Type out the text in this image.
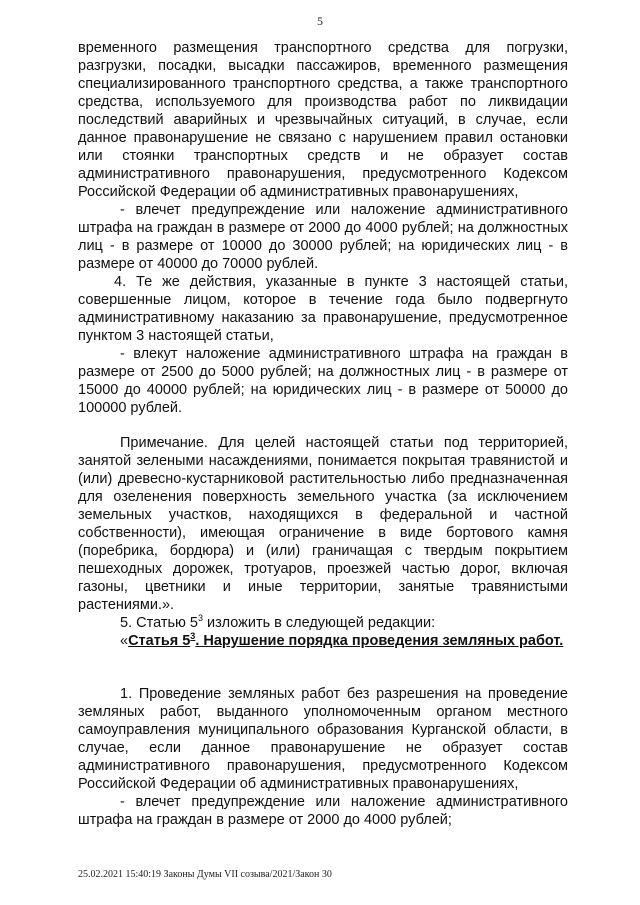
5

временного размещения транспортного средства для погрузки, разгрузки, посадки, высадки пассажиров, временного размещения специализированного транспортного средства, а также транспортного средства, используемого для производства работ по ликвидации последствий аварийных и чрезвычайных ситуаций, в случае, если данное правонарушение не связано с нарушением правил остановки или стоянки транспортных средств и не образует состав административного правонарушения, предусмотренного Кодексом Российской Федерации об административных правонарушениях,

- влечет предупреждение или наложение административного штрафа на граждан в размере от 2000 до 4000 рублей; на должностных лиц - в размере от 10000 до 30000 рублей; на юридических лиц - в размере от 40000 до 70000 рублей.

4. Те же действия, указанные в пункте 3 настоящей статьи, совершенные лицом, которое в течение года было подвергнуто административному наказанию за правонарушение, предусмотренное пунктом 3 настоящей статьи,

- влекут наложение административного штрафа на граждан в размере от 2500 до 5000 рублей; на должностных лиц - в размере от 15000 до 40000 рублей; на юридических лиц - в размере от 50000 до 100000 рублей.

Примечание. Для целей настоящей статьи под территорией, занятой зелеными насаждениями, понимается покрытая травянистой и (или) древесно-кустарниковой растительностью либо предназначенная для озеленения поверхность земельного участка (за исключением земельных участков, находящихся в федеральной и частной собственности), имеющая ограничение в виде бортового камня (поребрика, бордюра) и (или) граничащая с твердым покрытием пешеходных дорожек, тротуаров, проезжей частью дорог, включая газоны, цветники и иные территории, занятые травянистыми растениями.».

5. Статью $5^3$ изложить в следующей редакции:

«Статья $5^3$. Нарушение порядка проведения земляных работ.

1. Проведение земляных работ без разрешения на проведение земляных работ, выданного уполномоченным органом местного самоуправления муниципального образования Курганской области, в случае, если данное правонарушение не образует состав административного правонарушения, предусмотренного Кодексом Российской Федерации об административных правонарушениях,

- влечет предупреждение или наложение административного штрафа на граждан в размере от 2000 до 4000 рублей;

25.02.2021 15:40:19 Законы Думы VII созыва/2021/Закон 30
